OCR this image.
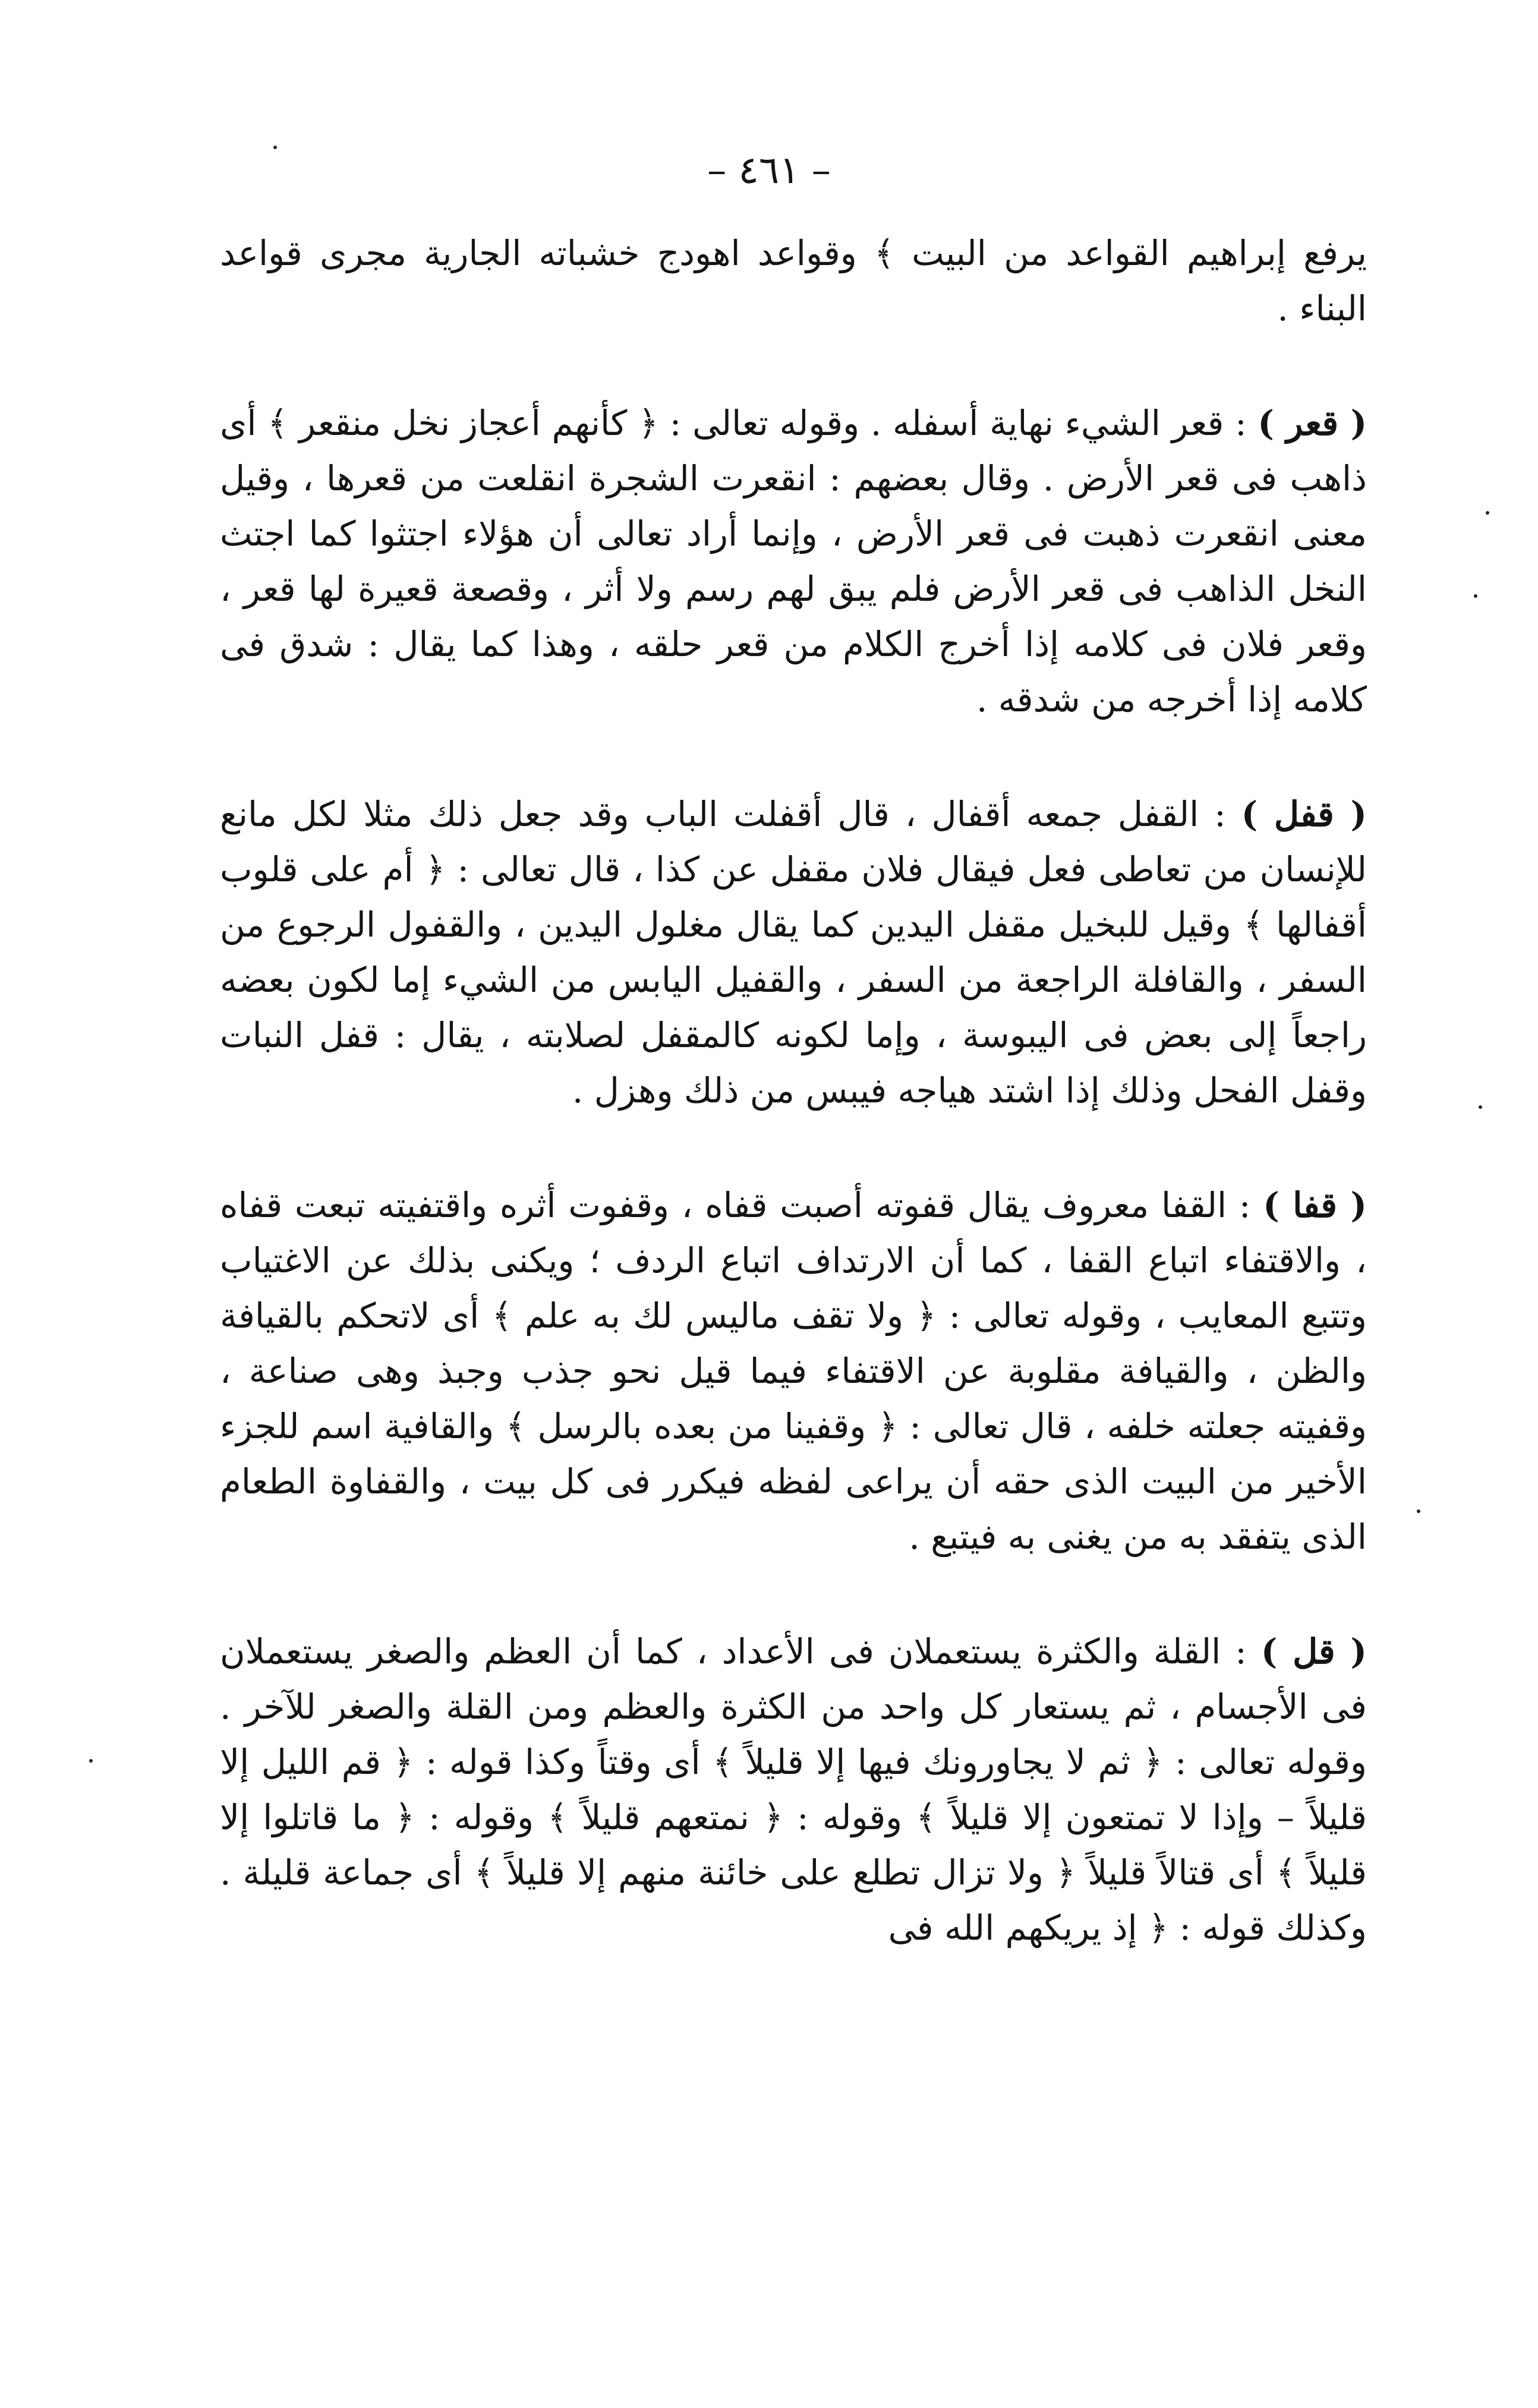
– ٤٦١ –

يرفع إبراهيم القواعد من البيت ﴾ وقواعد اهودج خشباته الجارية مجرى قواعد البناء .

( قعر ) : قعر الشيء نهاية أسفله . وقوله تعالى : ﴿ كأنهم أعجاز نخل منقعر ﴾ أى ذاهب فى قعر الأرض . وقال بعضهم : انقعرت الشجرة انقلعت من قعرها ، وقيل معنى انقعرت ذهبت فى قعر الأرض ، وإنما أراد تعالى أن هؤلاء اجتثوا كما اجتث النخل الذاهب فى قعر الأرض فلم يبق لهم رسم ولا أثر ، وقصعة قعيرة لها قعر ، وقعر فلان فى كلامه إذا أخرج الكلام من قعر حلقه ، وهذا كما يقال : شدق فى كلامه إذا أخرجه من شدقه .

( قفل ) : القفل جمعه أقفال ، قال أقفلت الباب وقد جعل ذلك مثلا لكل مانع للإنسان من تعاطى فعل فيقال فلان مقفل عن كذا ، قال تعالى : ﴿ أم على قلوب أقفالها ﴾ وقيل للبخيل مقفل اليدين كما يقال مغلول اليدين ، والقفول الرجوع من السفر ، والقافلة الراجعة من السفر ، والقفيل اليابس من الشيء إما لكون بعضه راجعاً إلى بعض فى اليبوسة ، وإما لكونه كالمقفل لصلابته ، يقال : قفل النبات وقفل الفحل وذلك إذا اشتد هياجه فيبس من ذلك وهزل .

( قفا ) : القفا معروف يقال قفوته أصبت قفاه ، وقفوت أثره واقتفيته تبعت قفاه ، والاقتفاء اتباع القفا ، كما أن الارتداف اتباع الردف ؛ ويكنى بذلك عن الاغتياب وتتبع المعايب ، وقوله تعالى : ﴿ ولا تقف ماليس لك به علم ﴾ أى لاتحكم بالقيافة والظن ، والقيافة مقلوبة عن الاقتفاء فيما قيل نحو جذب وجبذ وهى صناعة ، وقفيته جعلته خلفه ، قال تعالى : ﴿ وقفينا من بعده بالرسل ﴾ والقافية اسم للجزء الأخير من البيت الذى حقه أن يراعى لفظه فيكرر فى كل بيت ، والقفاوة الطعام الذى يتفقد به من يغنى به فيتبع .

( قل ) : القلة والكثرة يستعملان فى الأعداد ، كما أن العظم والصغر يستعملان فى الأجسام ، ثم يستعار كل واحد من الكثرة والعظم ومن القلة والصغر للآخر . وقوله تعالى : ﴿ ثم لا يجاورونك فيها إلا قليلاً ﴾ أى وقتاً وكذا قوله : ﴿ قم الليل إلا قليلاً – وإذا لا تمتعون إلا قليلاً ﴾ وقوله : ﴿ نمتعهم قليلاً ﴾ وقوله : ﴿ ما قاتلوا إلا قليلاً ﴾ أى قتالاً قليلاً ﴿ ولا تزال تطلع على خائنة منهم إلا قليلاً ﴾ أى جماعة قليلة . وكذلك قوله : ﴿ إذ يريكهم الله فى
